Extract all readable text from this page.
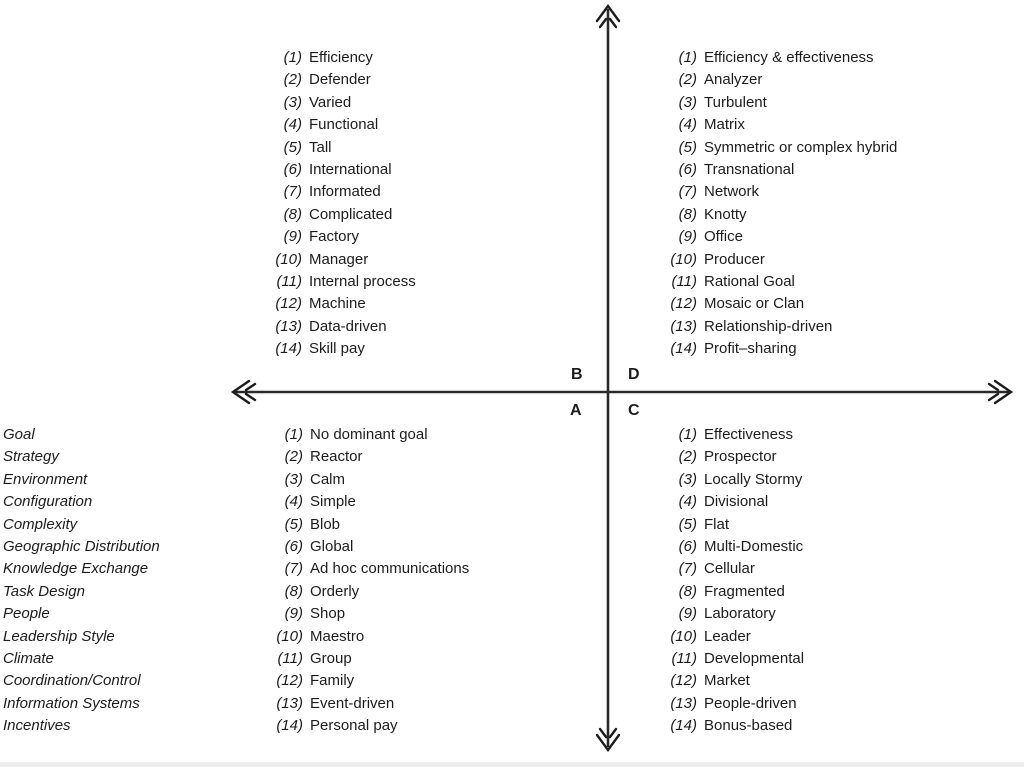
B	D
A	C
Goal
Strategy
Environment
Configuration
Complexity
Geographic Distribution
Knowledge Exchange
Task Design
People
Leadership Style
Climate
Coordination/Control
Information Systems
Incentives
(1) Efficiency
(2) Defender
(3) Varied
(4) Functional
(5) Tall
(6) International
(7) Informated
(8) Complicated
(9) Factory
(10) Manager
(11) Internal process
(12) Machine
(13) Data-driven
(14) Skill pay
(1) Efficiency & effectiveness
(2) Analyzer
(3) Turbulent
(4) Matrix
(5) Symmetric or complex hybrid
(6) Transnational
(7) Network
(8) Knotty
(9) Office
(10) Producer
(11) Rational Goal
(12) Mosaic or Clan
(13) Relationship-driven
(14) Profit–sharing
(1) No dominant goal
(2) Reactor
(3) Calm
(4) Simple
(5) Blob
(6) Global
(7) Ad hoc communications
(8) Orderly
(9) Shop
(10) Maestro
(11) Group
(12) Family
(13) Event-driven
(14) Personal pay
(1) Effectiveness
(2) Prospector
(3) Locally Stormy
(4) Divisional
(5) Flat
(6) Multi-Domestic
(7) Cellular
(8) Fragmented
(9) Laboratory
(10) Leader
(11) Developmental
(12) Market
(13) People-driven
(14) Bonus-based
